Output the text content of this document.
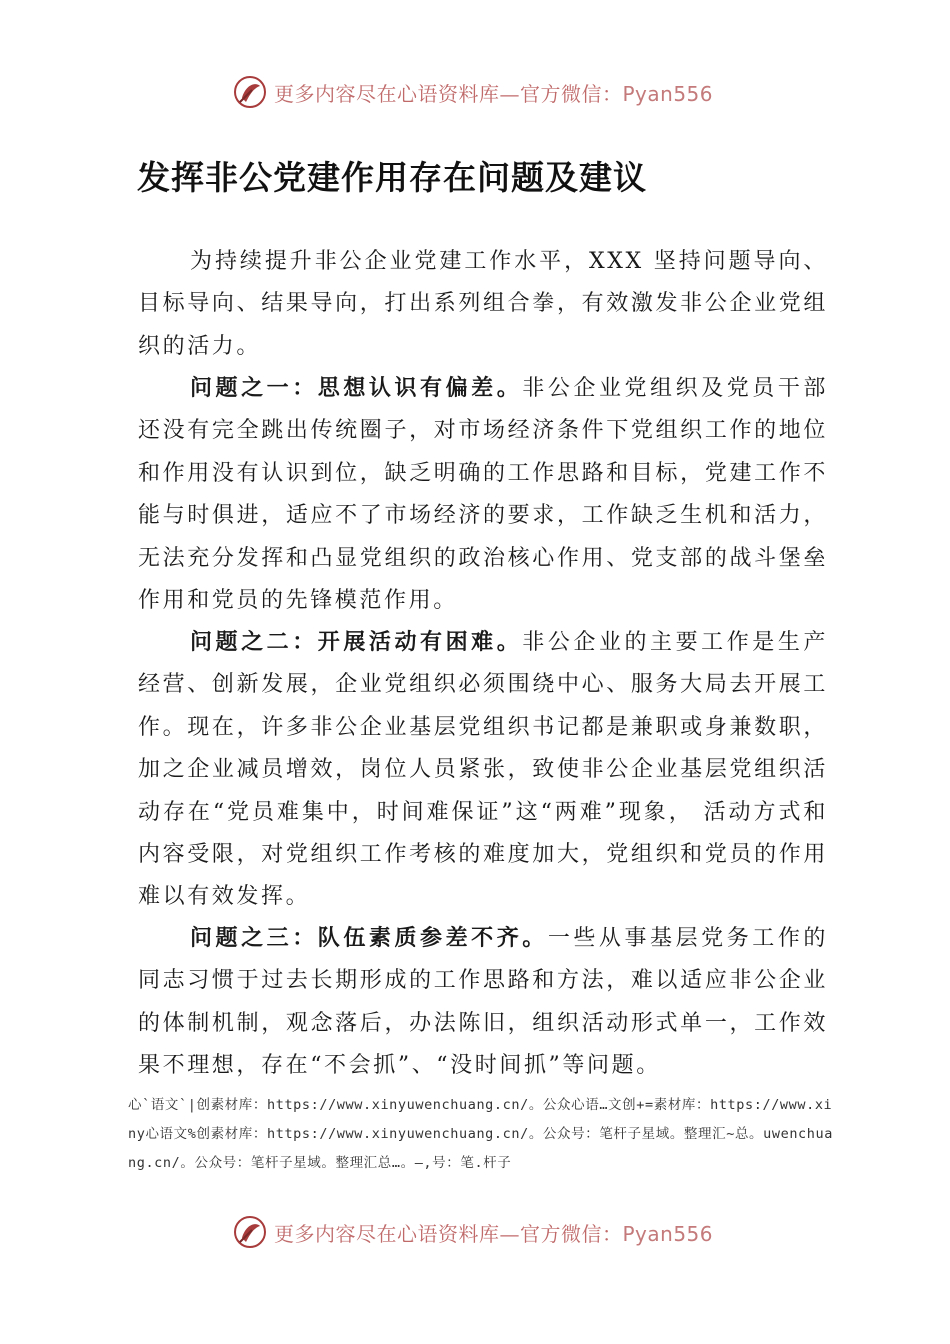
更多内容尽在心语资料库—官方微信：Pyan556
发挥非公党建作用存在问题及建议

为持续提升非公企业党建工作水平，XXX 坚持问题导向、目标导向、结果导向，打出系列组合拳，有效激发非公企业党组织的活力。

问题之一：思想认识有偏差。非公企业党组织及党员干部还没有完全跳出传统圈子，对市场经济条件下党组织工作的地位和作用没有认识到位，缺乏明确的工作思路和目标，党建工作不能与时俱进，适应不了市场经济的要求，工作缺乏生机和活力，无法充分发挥和凸显党组织的政治核心作用、党支部的战斗堡垒作用和党员的先锋模范作用。

问题之二：开展活动有困难。非公企业的主要工作是生产经营、创新发展，企业党组织必须围绕中心、服务大局去开展工作。现在，许多非公企业基层党组织书记都是兼职或身兼数职，加之企业减员增效，岗位人员紧张，致使非公企业基层党组织活动存在“党员难集中，时间难保证”这“两难”现象， 活动方式和内容受限，对党组织工作考核的难度加大，党组织和党员的作用难以有效发挥。

问题之三：队伍素质参差不齐。一些从事基层党务工作的同志习惯于过去长期形成的工作思路和方法，难以适应非公企业的体制机制，观念落后，办法陈旧，组织活动形式单一，工作效果不理想，存在“不会抓”、“没时间抓”等问题。

心`语文`|创素材库：https://www.xinyuwenchuang.cn/。公众心语…文创+=素材库：https://www.xiny心语文%创素材库：https://www.xinyuwenchuang.cn/。公众号：笔杆子星域。整理汇~总。uwenchuang.cn/。公众号：笔杆子星域。整理汇总…。—,号：笔.杆子

更多内容尽在心语资料库—官方微信：Pyan556
